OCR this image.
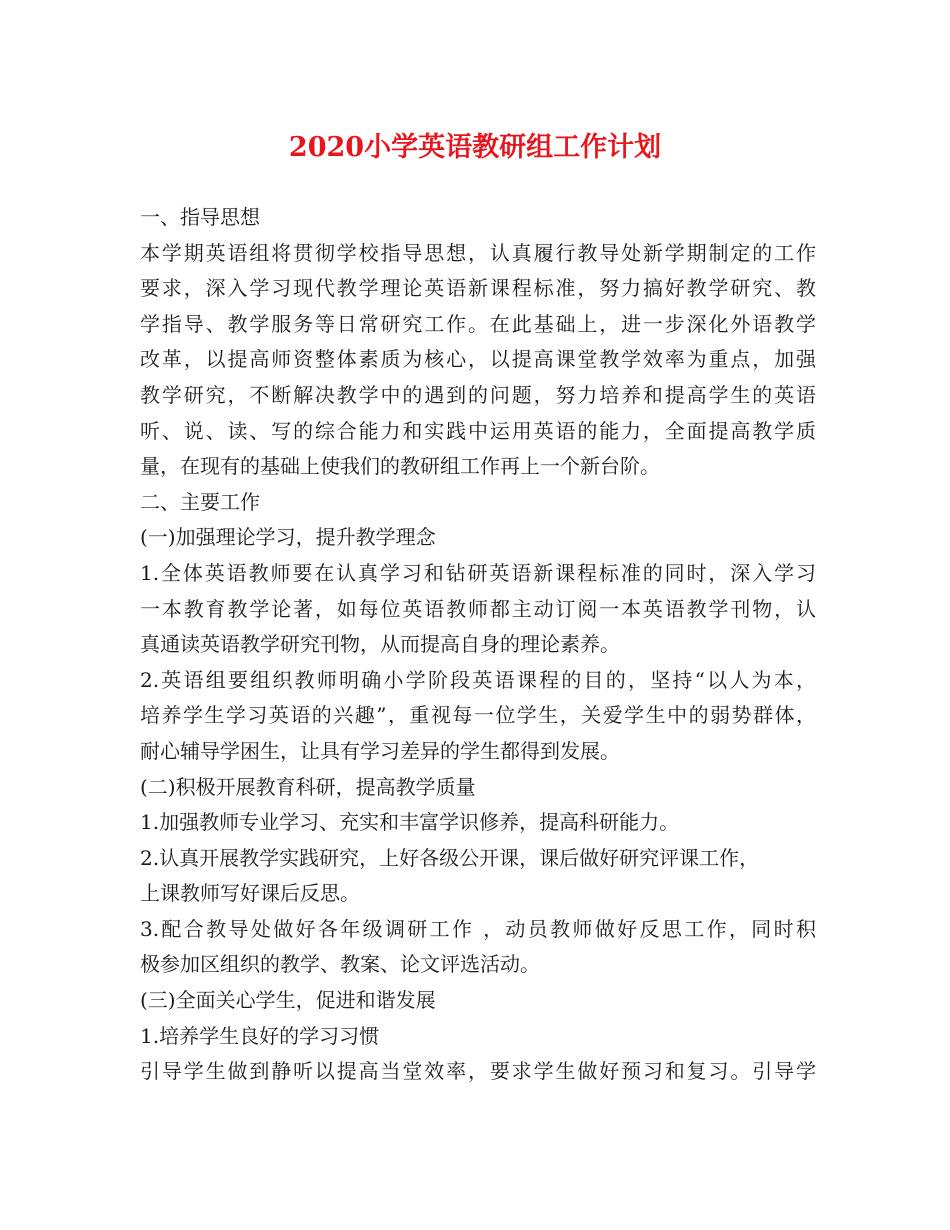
2020小学英语教研组工作计划
一、指导思想
本学期英语组将贯彻学校指导思想，认真履行教导处新学期制定的工作
要求，深入学习现代教学理论英语新课程标准，努力搞好教学研究、教
学指导、教学服务等日常研究工作。在此基础上，进一步深化外语教学
改革，以提高师资整体素质为核心，以提高课堂教学效率为重点，加强
教学研究，不断解决教学中的遇到的问题，努力培养和提高学生的英语
听、说、读、写的综合能力和实践中运用英语的能力，全面提高教学质
量，在现有的基础上使我们的教研组工作再上一个新台阶。
二、主要工作
(一)加强理论学习，提升教学理念
1.全体英语教师要在认真学习和钻研英语新课程标准的同时，深入学习
一本教育教学论著，如每位英语教师都主动订阅一本英语教学刊物，认
真通读英语教学研究刊物，从而提高自身的理论素养。
2.英语组要组织教师明确小学阶段英语课程的目的，坚持“以人为本，
培养学生学习英语的兴趣”，重视每一位学生，关爱学生中的弱势群体，
耐心辅导学困生，让具有学习差异的学生都得到发展。
(二)积极开展教育科研，提高教学质量
1.加强教师专业学习、充实和丰富学识修养，提高科研能力。
2.认真开展教学实践研究，上好各级公开课，课后做好研究评课工作，
上课教师写好课后反思。
3.配合教导处做好各年级调研工作 ，动员教师做好反思工作，同时积
极参加区组织的教学、教案、论文评选活动。
(三)全面关心学生，促进和谐发展
1.培养学生良好的学习习惯
引导学生做到静听以提高当堂效率，要求学生做好预习和复习。引导学
